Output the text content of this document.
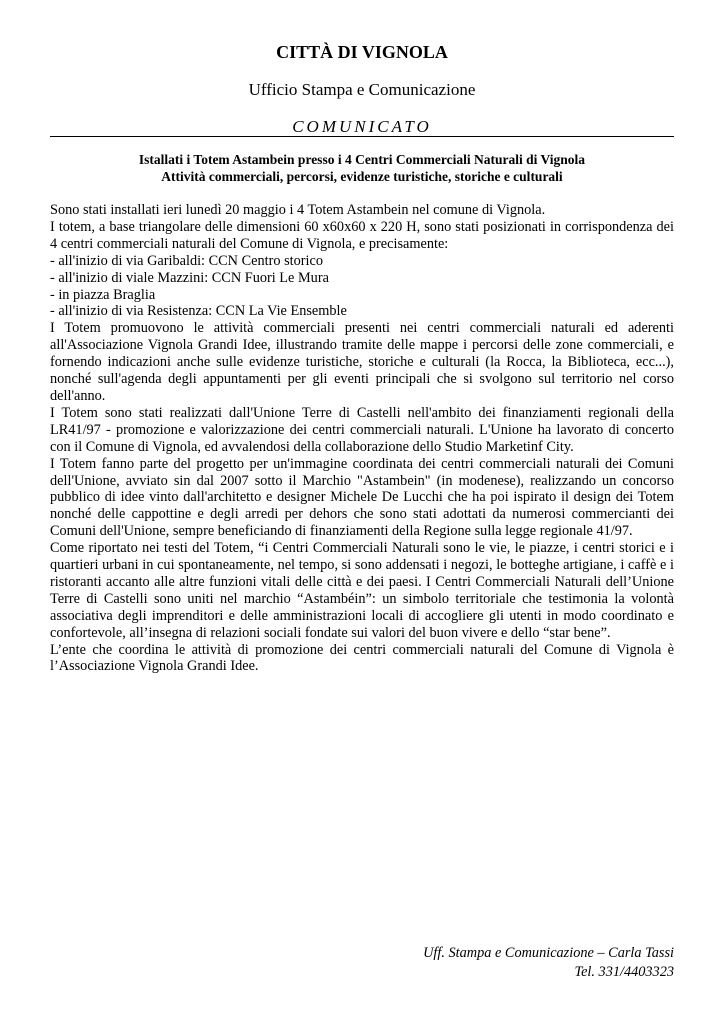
CITTÀ DI VIGNOLA
Ufficio Stampa e Comunicazione
COMUNICATO
Istallati i Totem Astambein presso i 4 Centri Commerciali Naturali di Vignola
Attività commerciali, percorsi, evidenze turistiche, storiche e culturali

Sono stati installati ieri lunedì 20 maggio i 4 Totem Astambein nel comune di Vignola.

I totem, a base triangolare delle dimensioni 60 x60x60 x 220 H, sono stati posizionati in corrispondenza dei 4 centri commerciali naturali del Comune di Vignola, e precisamente:

- all'inizio di via Garibaldi: CCN Centro storico

- all'inizio di viale Mazzini: CCN Fuori Le Mura

- in piazza Braglia

- all'inizio di via Resistenza: CCN La Vie Ensemble

I Totem promuovono le attività commerciali presenti nei centri commerciali naturali ed aderenti all'Associazione Vignola Grandi Idee, illustrando tramite delle mappe i percorsi delle zone commerciali, e fornendo indicazioni anche sulle evidenze turistiche, storiche e culturali (la Rocca, la Biblioteca, ecc...), nonché sull'agenda degli appuntamenti per gli eventi principali che si svolgono sul territorio nel corso dell'anno.

I Totem sono stati realizzati dall'Unione Terre di Castelli nell'ambito dei finanziamenti regionali della LR41/97 - promozione e valorizzazione dei centri commerciali naturali. L'Unione ha lavorato di concerto con il Comune di Vignola, ed avvalendosi della collaborazione dello Studio Marketinf City.

I Totem fanno parte del progetto per un'immagine coordinata dei centri commerciali naturali dei Comuni dell'Unione, avviato sin dal 2007 sotto il Marchio "Astambein" (in modenese), realizzando un concorso pubblico di idee vinto dall'architetto e designer Michele De Lucchi che ha poi ispirato il design dei Totem nonché delle cappottine e degli arredi per dehors che sono stati adottati da numerosi commercianti dei Comuni dell'Unione, sempre beneficiando di finanziamenti della Regione sulla legge regionale 41/97.

Come riportato nei testi del Totem, “i Centri Commerciali Naturali sono le vie, le piazze, i centri storici e i quartieri urbani in cui spontaneamente, nel tempo, si sono addensati i negozi, le botteghe artigiane, i caffè e i ristoranti accanto alle altre funzioni vitali delle città e dei paesi. I Centri Commerciali Naturali dell’Unione Terre di Castelli sono uniti nel marchio “Astambéin”: un simbolo territoriale che testimonia la volontà associativa degli imprenditori e delle amministrazioni locali di accogliere gli utenti in modo coordinato e confortevole, all’insegna di relazioni sociali fondate sui valori del buon vivere e dello “star bene”.

L’ente che coordina le attività di promozione dei centri commerciali naturali del Comune di Vignola è l’Associazione Vignola Grandi Idee.

Uff. Stampa e Comunicazione – Carla Tassi
Tel. 331/4403323
